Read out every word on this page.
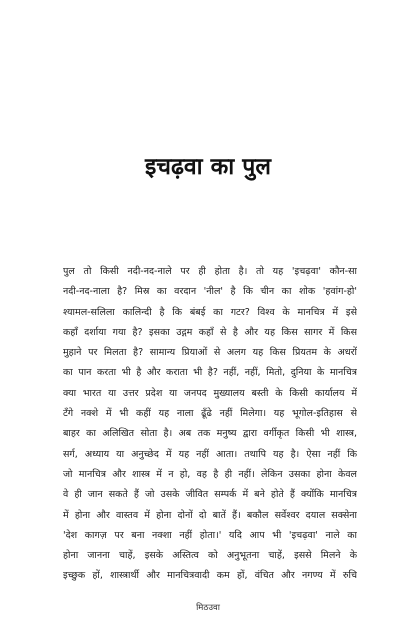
इचढ़वा का पुल
पुल तो किसी नदी-नद-नाले पर ही होता है। तो यह 'इचढ़वा' कौन-सा
नदी-नद-नाला है? मिस्र का वरदान 'नील' है कि चीन का शोक 'हवांग-हो'
श्यामल-सलिला कालिन्दी है कि बंबई का गटर? विश्व के मानचित्र में इसे
कहाँ दर्शाया गया है? इसका उद्गम कहाँ से है और यह किस सागर में किस
मुहाने पर मिलता है? सामान्य प्रियाओं से अलग यह किस प्रियतम के अधरों
का पान करता भी है और कराता भी है? नहीं, नहीं, मितो, दुनिया के मानचित्र
क्या भारत या उत्तर प्रदेश या जनपद मुख्यालय बस्ती के किसी कार्यालय में
टँगे नक्शे में भी कहीं यह नाला ढूँढे नहीं मिलेगा। यह भूगोल-इतिहास से
बाहर का अलिखित सोता है। अब तक मनुष्य द्वारा वर्गीकृत किसी भी शास्त्र,
सर्ग, अध्याय या अनुच्छेद में यह नहीं आता। तथापि यह है। ऐसा नहीं कि
जो मानचित्र और शास्त्र में न हो, वह है ही नहीं। लेकिन उसका होना केवल
वे ही जान सकते हैं जो उसके जीवित सम्पर्क में बने होते हैं क्योंकि मानचित्र
में होना और वास्तव में होना दोनों दो बातें हैं। बकौल सर्वेश्वर दयाल सक्सेना
'देश कागज़ पर बना नक्शा नहीं होता।' यदि आप भी 'इचढ़वा' नाले का
होना जानना चाहें, इसके अस्तित्व को अनुभूतना चाहें, इससे मिलने के
इच्छुक हों, शास्त्रार्थी और मानचित्रवादी कम हों, वंचित और नगण्य में रुचि
मिठउवा
